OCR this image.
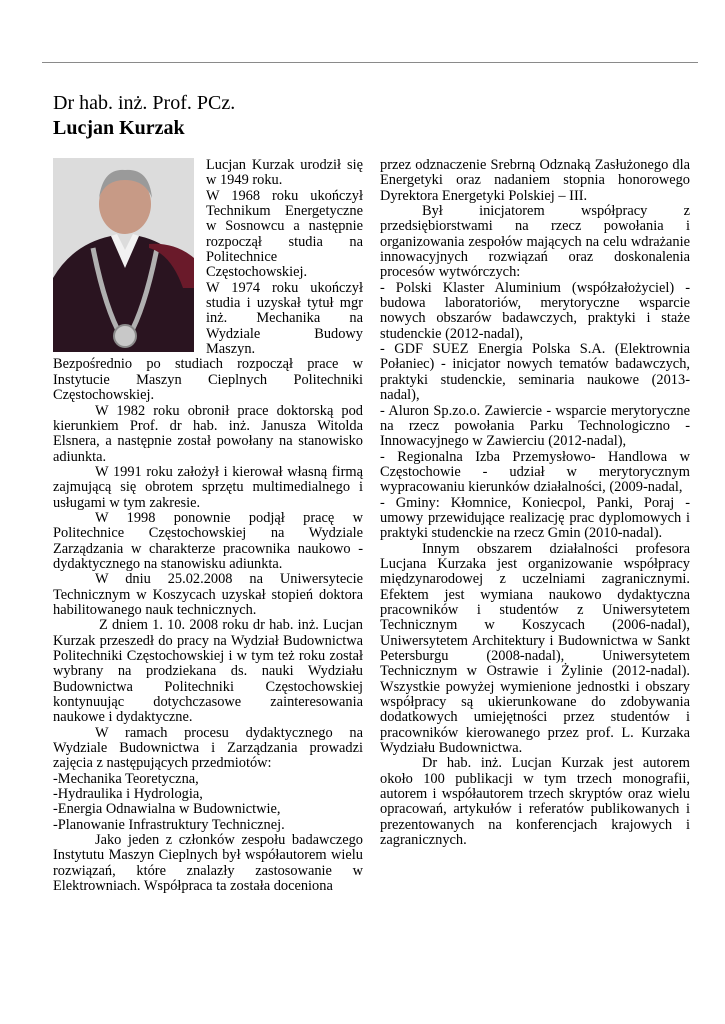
Dr hab. inż. Prof. PCz.
Lucjan Kurzak

Lucjan Kurzak urodził się w 1949 roku.

W 1968 roku ukończył Technikum Energetyczne w Sosnowcu a następnie rozpoczął studia na Politechnice Częstochowskiej.

W 1974 roku ukończył studia i uzyskał tytuł mgr inż. Mechanika na Wydziale Budowy Maszyn.

Bezpośrednio po studiach rozpoczął prace w Instytucie Maszyn Cieplnych Politechniki Częstochowskiej.

W 1982 roku obronił prace doktorską pod kierunkiem Prof. dr hab. inż. Janusza Witolda Elsnera, a następnie został powołany na stanowisko adiunkta.

W 1991 roku założył i kierował własną firmą zajmującą się obrotem sprzętu multimedialnego i usługami w tym zakresie.

W 1998 ponownie podjął pracę w Politechnice Częstochowskiej na Wydziale Zarządzania w charakterze pracownika naukowo - dydaktycznego na stanowisku adiunkta.

W dniu 25.02.2008 na Uniwersytecie Technicznym w Koszycach uzyskał stopień doktora habilitowanego nauk technicznych.

Z dniem 1. 10. 2008 roku dr hab. inż. Lucjan Kurzak przeszedł do pracy na Wydział Budownictwa Politechniki Częstochowskiej i w tym też roku został wybrany na prodziekana ds. nauki Wydziału Budownictwa Politechniki Częstochowskiej kontynuując dotychczasowe zainteresowania naukowe i dydaktyczne.

W ramach procesu dydaktycznego na Wydziale Budownictwa i Zarządzania prowadzi zajęcia z następujących przedmiotów:

-Mechanika Teoretyczna,

-Hydraulika i Hydrologia,

-Energia Odnawialna w Budownictwie,

-Planowanie Infrastruktury Technicznej.

Jako jeden z członków zespołu badawczego Instytutu Maszyn Cieplnych był współautorem wielu rozwiązań, które znalazły zastosowanie w Elektrowniach. Współpraca ta została doceniona

przez odznaczenie Srebrną Odznaką Zasłużonego dla Energetyki oraz nadaniem stopnia honorowego Dyrektora Energetyki Polskiej – III.

Był inicjatorem współpracy z przedsiębiorstwami na rzecz powołania i organizowania zespołów mających na celu wdrażanie innowacyjnych rozwiązań oraz doskonalenia procesów wytwórczych:

- Polski Klaster Aluminium (współzałożyciel) - budowa laboratoriów, merytoryczne wsparcie nowych obszarów badawczych, praktyki i staże studenckie (2012-nadal),

- GDF SUEZ Energia Polska S.A. (Elektrownia Połaniec) - inicjator nowych tematów badawczych, praktyki studenckie, seminaria naukowe (2013-nadal),

- Aluron Sp.zo.o. Zawiercie - wsparcie merytoryczne na rzecz powołania Parku Technologiczno - Innowacyjnego w Zawierciu (2012-nadal),

- Regionalna Izba Przemysłowo- Handlowa w Częstochowie - udział w merytorycznym wypracowaniu kierunków działalności, (2009-nadal,

- Gminy: Kłomnice, Koniecpol, Panki, Poraj - umowy przewidujące realizację prac dyplomowych i praktyki studenckie na rzecz Gmin (2010-nadal).

Innym obszarem działalności profesora Lucjana Kurzaka jest organizowanie współpracy międzynarodowej z uczelniami zagranicznymi. Efektem jest wymiana naukowo dydaktyczna pracowników i studentów z Uniwersytetem Technicznym w Koszycach (2006-nadal), Uniwersytetem Architektury i Budownictwa w Sankt Petersburgu (2008-nadal), Uniwersytetem Technicznym w Ostrawie i Żylinie (2012-nadal). Wszystkie powyżej wymienione jednostki i obszary współpracy są ukierunkowane do zdobywania dodatkowych umiejętności przez studentów i pracowników kierowanego przez prof. L. Kurzaka Wydziału Budownictwa.

Dr hab. inż. Lucjan Kurzak jest autorem około 100 publikacji w tym trzech monografii, autorem i współautorem trzech skryptów oraz wielu opracowań, artykułów i referatów publikowanych i prezentowanych na konferencjach krajowych i zagranicznych.
